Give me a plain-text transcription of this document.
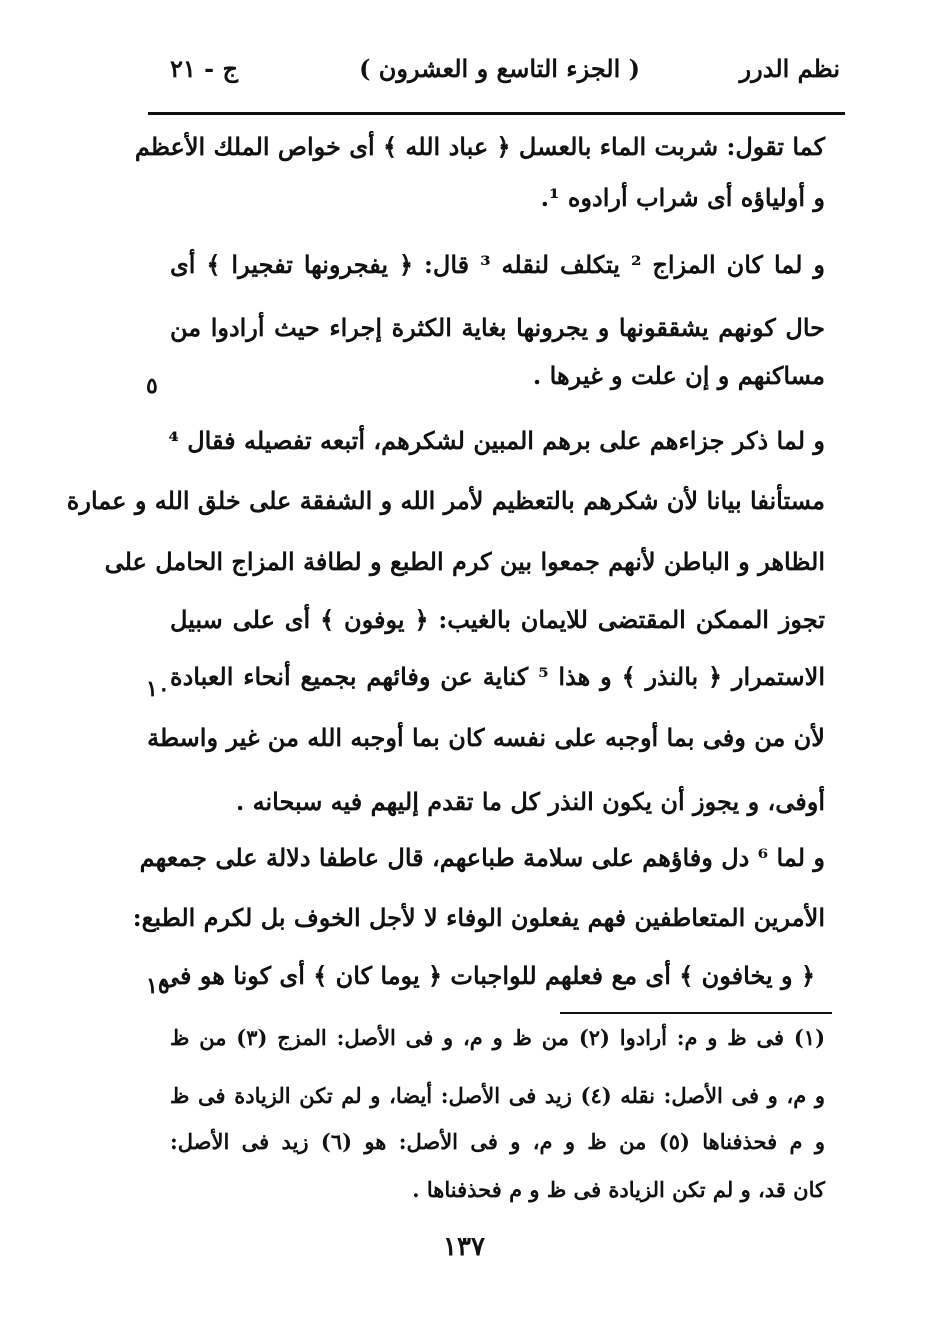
نظم الدرر
( الجزء التاسع و العشرون )
ج - ٢١
كما تقول: شربت الماء بالعسل ﴿ عباد الله ﴾ أى خواص الملك الأعظم
و أولياؤه أى شراب أرادوه ¹.
و لما كان المزاج ² يتكلف لنقله ³ قال: ﴿ يفجرونها تفجيرا ﴾ أى
حال كونهم يشققونها و يجرونها بغاية الكثرة إجراء حيث أرادوا من
مساكنهم و إن علت و غيرها .
و لما ذكر جزاءهم على برهم المبين لشكرهم، أتبعه تفصيله فقال ⁴
مستأنفا بيانا لأن شكرهم بالتعظيم لأمر الله و الشفقة على خلق الله و عمارة
الظاهر و الباطن لأنهم جمعوا بين كرم الطبع و لطافة المزاج الحامل على
تجوز الممكن المقتضى للايمان بالغيب: ﴿ يوفون ﴾ أى على سبيل
الاستمرار ﴿ بالنذر ﴾ و هذا ⁵ كناية عن وفائهم بجميع أنحاء العبادة
لأن من وفى بما أوجبه على نفسه كان بما أوجبه الله من غير واسطة
أوفى، و يجوز أن يكون النذر كل ما تقدم إليهم فيه سبحانه .
و لما ⁶ دل وفاؤهم على سلامة طباعهم، قال عاطفا دلالة على جمعهم
الأمرين المتعاطفين فهم يفعلون الوفاء لا لأجل الخوف بل لكرم الطبع:
﴿ و يخافون ﴾ أى مع فعلهم للواجبات ﴿ يوما كان ﴾ أى كونا هو فى
٥
١٠
١٥
(١) فى ظ و م: أرادوا (٢) من ظ و م، و فى الأصل: المزج (٣) من ظ
و م، و فى الأصل: نقله (٤) زيد فى الأصل: أيضا، و لم تكن الزيادة فى ظ
و م فحذفناها (٥) من ظ و م، و فى الأصل: هو (٦) زيد فى الأصل:
كان قد، و لم تكن الزيادة فى ظ و م فحذفناها .
١٣٧
